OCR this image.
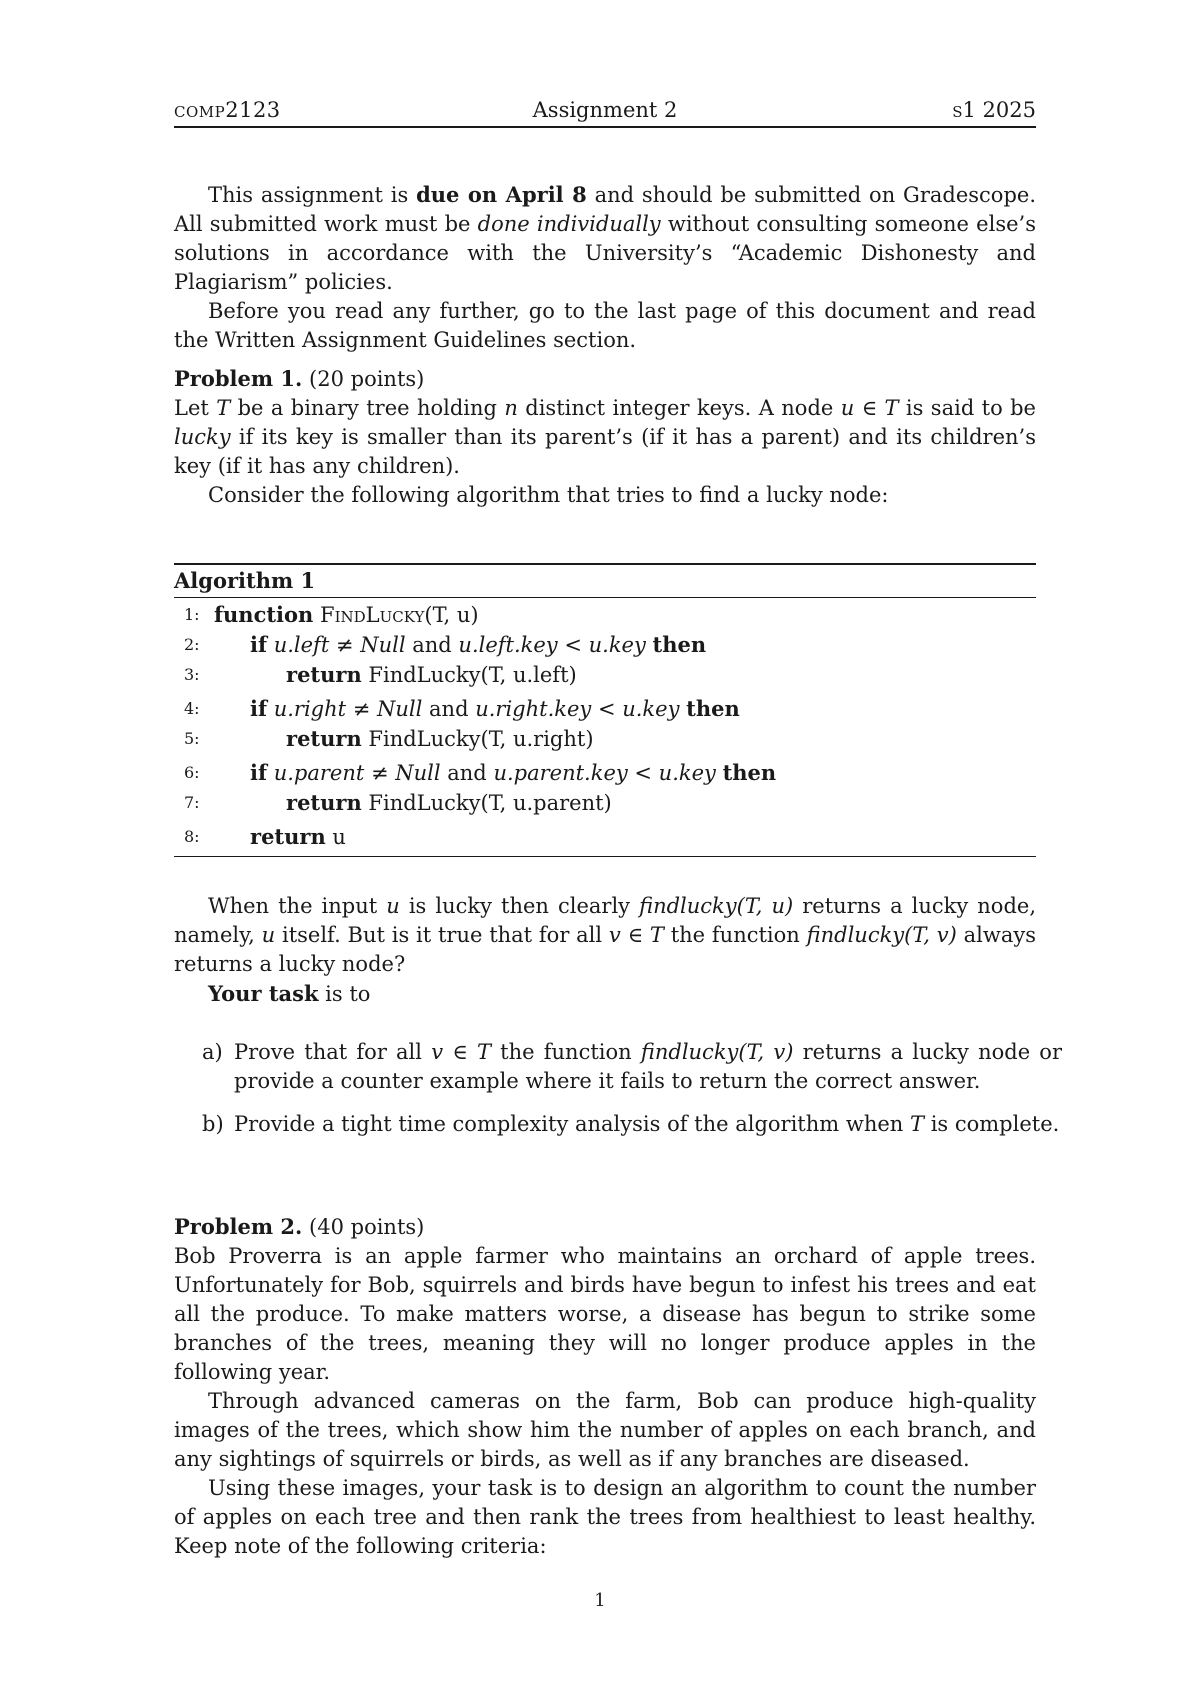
comp2123	Assignment 2	s1 2025

This assignment is due on April 8 and should be submitted on Gradescope. All submitted work must be done individually without consulting someone else’s solutions in accordance with the University’s “Academic Dishonesty and Plagiarism” policies.

Before you read any further, go to the last page of this document and read the Written Assignment Guidelines section.

Problem 1. (20 points)

Let T be a binary tree holding n distinct integer keys. A node u ∈ T is said to be lucky if its key is smaller than its parent’s (if it has a parent) and its children’s key (if it has any children).

Consider the following algorithm that tries to find a lucky node:

Algorithm 1
1: function FindLucky(T, u)
2:	if u.left ≠ Null and u.left.key < u.key then
3:	return FindLucky(T, u.left)
4:	if u.right ≠ Null and u.right.key < u.key then
5:	return FindLucky(T, u.right)
6:	if u.parent ≠ Null and u.parent.key < u.key then
7:	return FindLucky(T, u.parent)
8:	return u

When the input u is lucky then clearly findlucky(T, u) returns a lucky node, namely, u itself. But is it true that for all v ∈ T the function findlucky(T, v) always returns a lucky node?

Your task is to

a) Prove that for all v ∈ T the function findlucky(T, v) returns a lucky node or provide a counter example where it fails to return the correct answer.
b) Provide a tight time complexity analysis of the algorithm when T is complete.

Problem 2. (40 points)

Bob Proverra is an apple farmer who maintains an orchard of apple trees. Unfortunately for Bob, squirrels and birds have begun to infest his trees and eat all the produce. To make matters worse, a disease has begun to strike some branches of the trees, meaning they will no longer produce apples in the following year.

Through advanced cameras on the farm, Bob can produce high-quality images of the trees, which show him the number of apples on each branch, and any sightings of squirrels or birds, as well as if any branches are diseased.

Using these images, your task is to design an algorithm to count the number of apples on each tree and then rank the trees from healthiest to least healthy. Keep note of the following criteria:

1
